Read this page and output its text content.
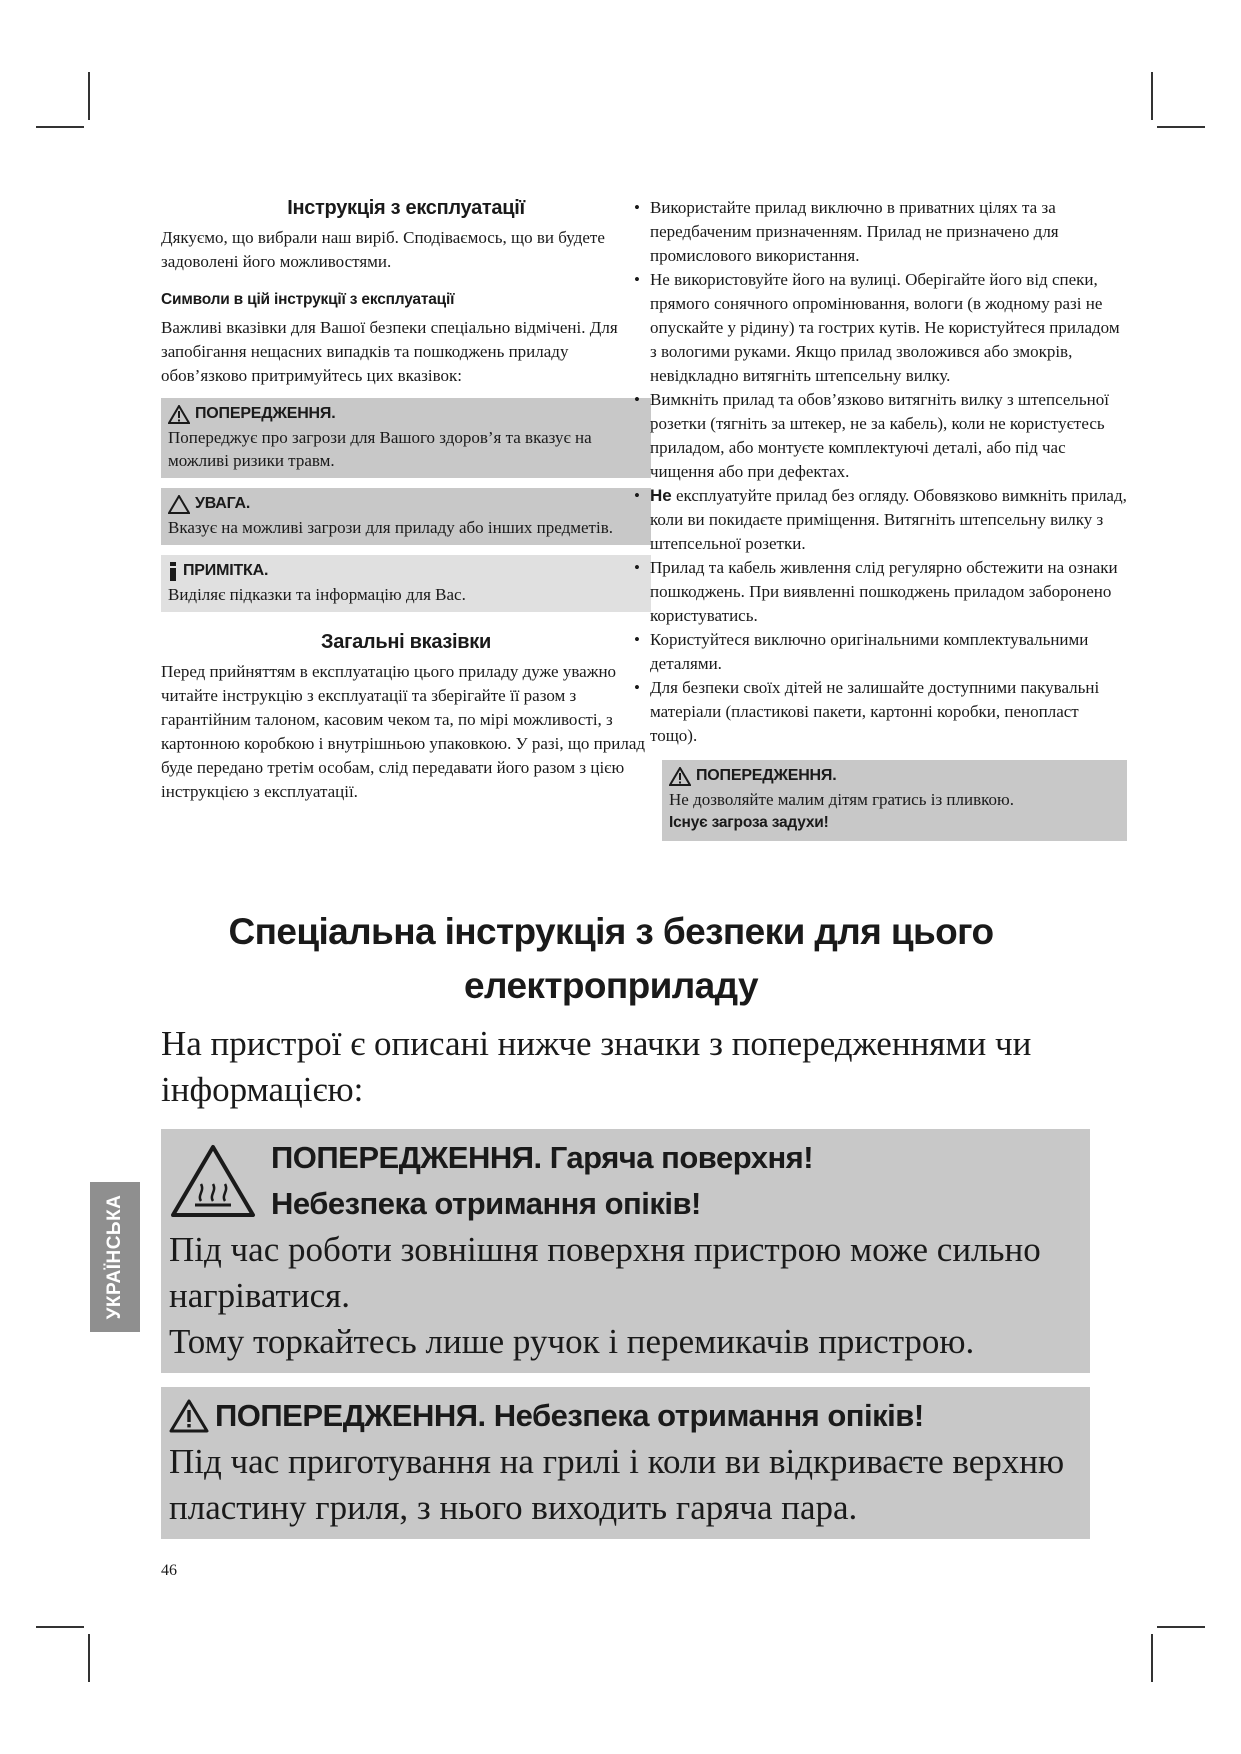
Інструкція з експлуатації

Дякуємо, що вибрали наш виріб. Сподіваємось, що ви будете задоволені його можливостями.

Символи в цій інструкції з експлуатації

Важливі вказівки для Вашої безпеки спеціально відмічені. Для запобігання нещасних випадків та пошкоджень приладу обов’язково притримуйтесь цих вказівок:

ПОПЕРЕДЖЕННЯ.
Попереджує про загрози для Вашого здоров’я та вказує на можливі ризики травм.
УВАГА.
Вказує на можливі загрози для приладу або інших предметів.
ПРИМІТКА.
Виділяє підказки та інформацію для Вас.
Загальні вказівки

Перед прийняттям в експлуатацію цього приладу дуже уважно читайте інструкцію з експлуатації та зберігайте її разом з гарантійним талоном, касовим чеком та, по мірі можливості, з картонною коробкою і внутрішньою упаковкою. У разі, що прилад буде передано третім особам, слід передавати його разом з цією інструкцією з експлуатації.

• Використайте прилад виключно в приватних цілях та за передбаченим призначенням. Прилад не призначено для промислового використання.
• Не використовуйте його на вулиці. Оберігайте його від спеки, прямого сонячного опромінювання, вологи (в жодному разі не опускайте у рідину) та гострих кутів. Не користуйтеся приладом з вологими руками. Якщо прилад зволожився або змокрів, невідкладно витягніть штепсельну вилку.
• Вимкніть прилад та обов’язково витягніть вилку з штепсельної розетки (тягніть за штекер, не за кабель), коли не користуєтесь приладом, або монтуєте комплектуючі деталі, або під час чищення або при дефектах.
• Не експлуатуйте прилад без огляду. Обовязково вимкніть прилад, коли ви покидаєте приміщення. Витягніть штепсельну вилку з штепсельної розетки.
• Прилад та кабель живлення слід регулярно обстежити на ознаки пошкоджень. При виявленні пошкоджень приладом заборонено користуватись.
• Користуйтеся виключно оригінальними комплектувальними деталями.
• Для безпеки своїх дітей не залишайте доступними пакувальні матеріали (пластикові пакети, картонні коробки, пенопласт тощо).
ПОПЕРЕДЖЕННЯ.
Не дозволяйте малим дітям гратись із пливкою.
Існує загроза задухи!
Спеціальна інструкція з безпеки для цього
електроприладу

На пристрої є описані нижче значки з попередженнями чи інформацією:

ПОПЕРЕДЖЕННЯ. Гаряча поверхня!
Небезпека отримання опіків!
Під час роботи зовнішня поверхня пристрою може сильно нагріватися.
Тому торкайтесь лише ручок і перемикачів пристрою.
ПОПЕРЕДЖЕННЯ. Небезпека отримання опіків!
Під час приготування на грилі і коли ви відкриваєте верхню пластину гриля, з нього виходить гаряча пара.
УКРАЇНСЬКА
46
